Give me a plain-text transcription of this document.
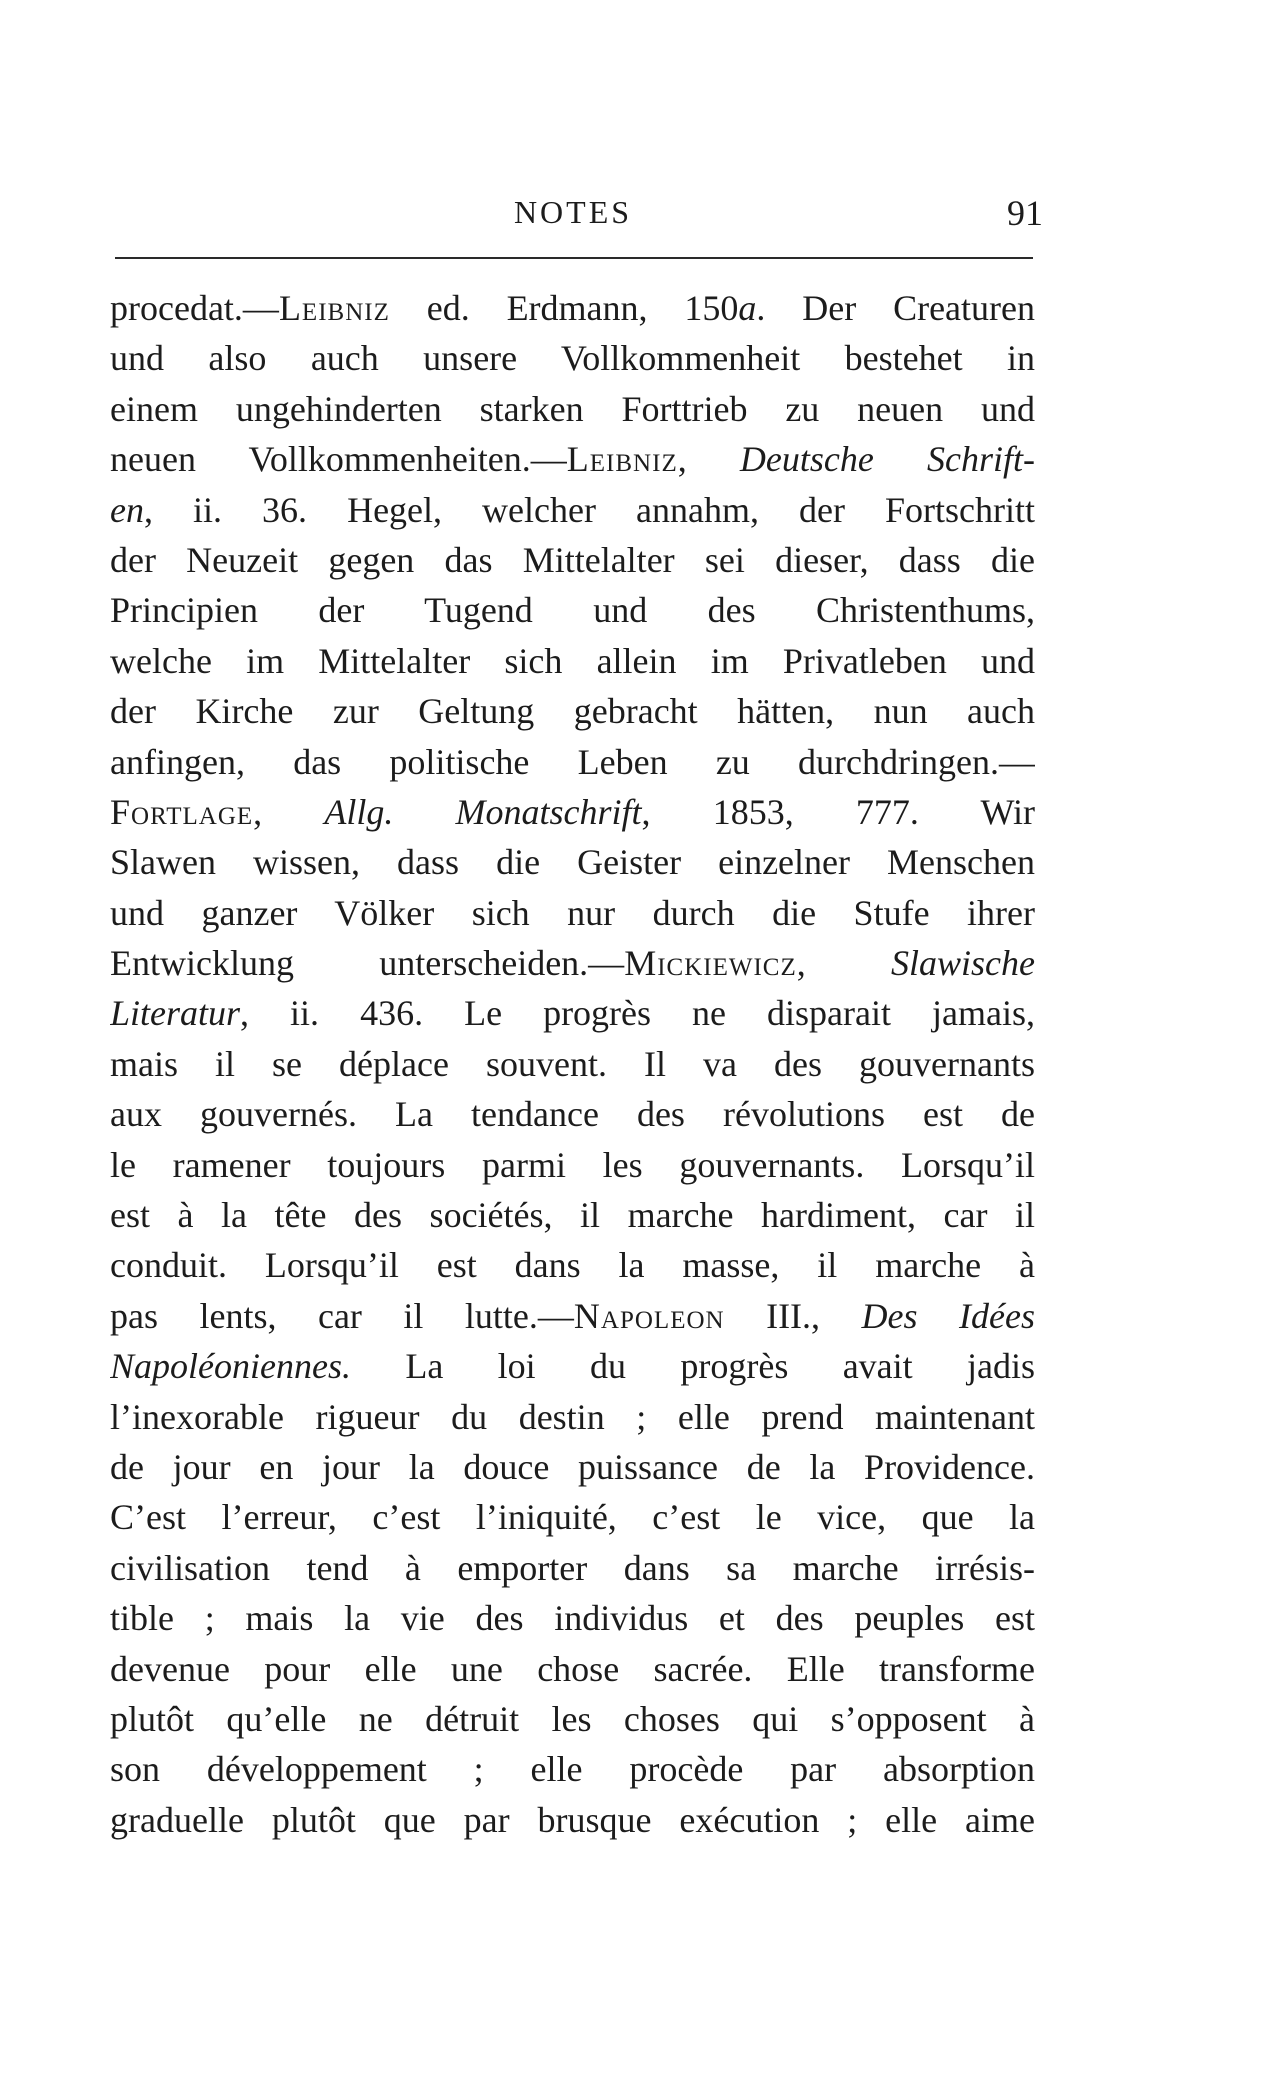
NOTES	91
procedat.—Leibniz ed. Erdmann, 150a. Der Creaturen
und also auch unsere Vollkommenheit bestehet in
einem ungehinderten starken Forttrieb zu neuen und
neuen Vollkommenheiten.—Leibniz, Deutsche Schrift-
en, ii. 36. Hegel, welcher annahm, der Fortschritt
der Neuzeit gegen das Mittelalter sei dieser, dass die
Principien der Tugend und des Christenthums,
welche im Mittelalter sich allein im Privatleben und
der Kirche zur Geltung gebracht hätten, nun auch
anfingen, das politische Leben zu durchdringen.—
Fortlage, Allg. Monatschrift, 1853, 777. Wir
Slawen wissen, dass die Geister einzelner Menschen
und ganzer Völker sich nur durch die Stufe ihrer
Entwicklung unterscheiden.—Mickiewicz, Slawische
Literatur, ii. 436. Le progrès ne disparait jamais,
mais il se déplace souvent. Il va des gouvernants
aux gouvernés. La tendance des révolutions est de
le ramener toujours parmi les gouvernants. Lorsqu’il
est à la tête des sociétés, il marche hardiment, car il
conduit. Lorsqu’il est dans la masse, il marche à
pas lents, car il lutte.—Napoleon III., Des Idées
Napoléoniennes. La loi du progrès avait jadis
l’inexorable rigueur du destin ; elle prend maintenant
de jour en jour la douce puissance de la Providence.
C’est l’erreur, c’est l’iniquité, c’est le vice, que la
civilisation tend à emporter dans sa marche irrésis-
tible ; mais la vie des individus et des peuples est
devenue pour elle une chose sacrée. Elle transforme
plutôt qu’elle ne détruit les choses qui s’opposent à
son développement ; elle procède par absorption
graduelle plutôt que par brusque exécution ; elle aime
